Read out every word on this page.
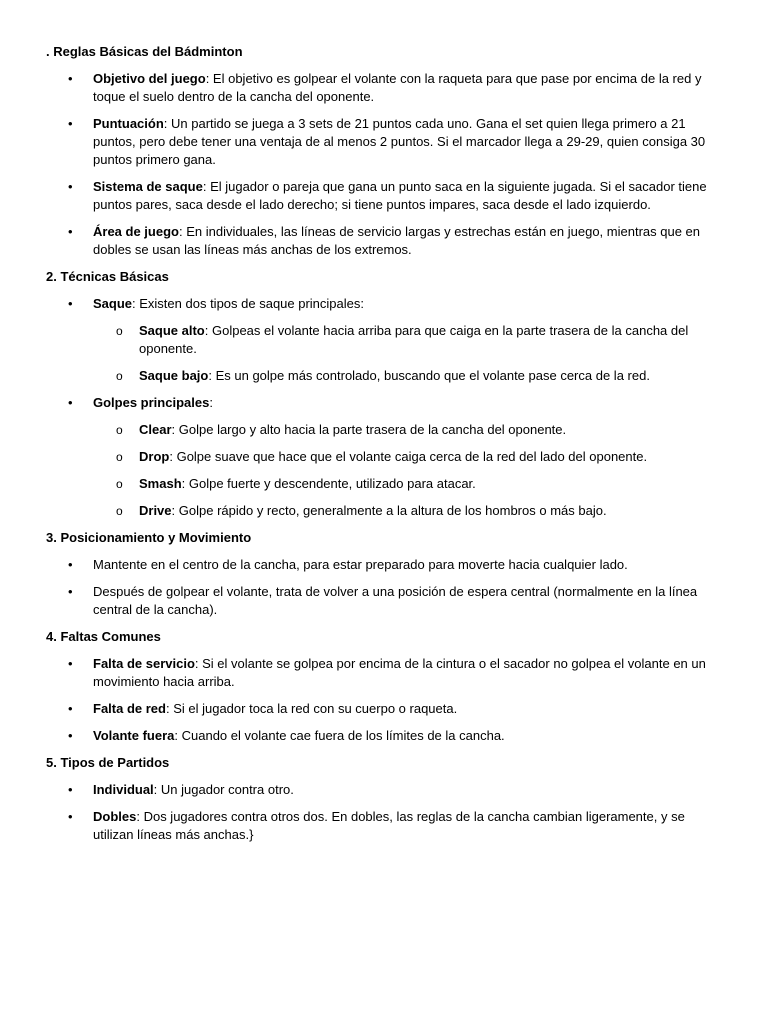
. Reglas Básicas del Bádminton
• Objetivo del juego: El objetivo es golpear el volante con la raqueta para que pase por encima de la red y toque el suelo dentro de la cancha del oponente.
• Puntuación: Un partido se juega a 3 sets de 21 puntos cada uno. Gana el set quien llega primero a 21 puntos, pero debe tener una ventaja de al menos 2 puntos. Si el marcador llega a 29-29, quien consiga 30 puntos primero gana.
• Sistema de saque: El jugador o pareja que gana un punto saca en la siguiente jugada. Si el sacador tiene puntos pares, saca desde el lado derecho; si tiene puntos impares, saca desde el lado izquierdo.
• Área de juego: En individuales, las líneas de servicio largas y estrechas están en juego, mientras que en dobles se usan las líneas más anchas de los extremos.
2. Técnicas Básicas
• Saque: Existen dos tipos de saque principales:
o Saque alto: Golpeas el volante hacia arriba para que caiga en la parte trasera de la cancha del oponente.
o Saque bajo: Es un golpe más controlado, buscando que el volante pase cerca de la red.
• Golpes principales:
o Clear: Golpe largo y alto hacia la parte trasera de la cancha del oponente.
o Drop: Golpe suave que hace que el volante caiga cerca de la red del lado del oponente.
o Smash: Golpe fuerte y descendente, utilizado para atacar.
o Drive: Golpe rápido y recto, generalmente a la altura de los hombros o más bajo.
3. Posicionamiento y Movimiento
• Mantente en el centro de la cancha, para estar preparado para moverte hacia cualquier lado.
• Después de golpear el volante, trata de volver a una posición de espera central (normalmente en la línea central de la cancha).
4. Faltas Comunes
• Falta de servicio: Si el volante se golpea por encima de la cintura o el sacador no golpea el volante en un movimiento hacia arriba.
• Falta de red: Si el jugador toca la red con su cuerpo o raqueta.
• Volante fuera: Cuando el volante cae fuera de los límites de la cancha.
5. Tipos de Partidos
• Individual: Un jugador contra otro.
• Dobles: Dos jugadores contra otros dos. En dobles, las reglas de la cancha cambian ligeramente, y se utilizan líneas más anchas.}
